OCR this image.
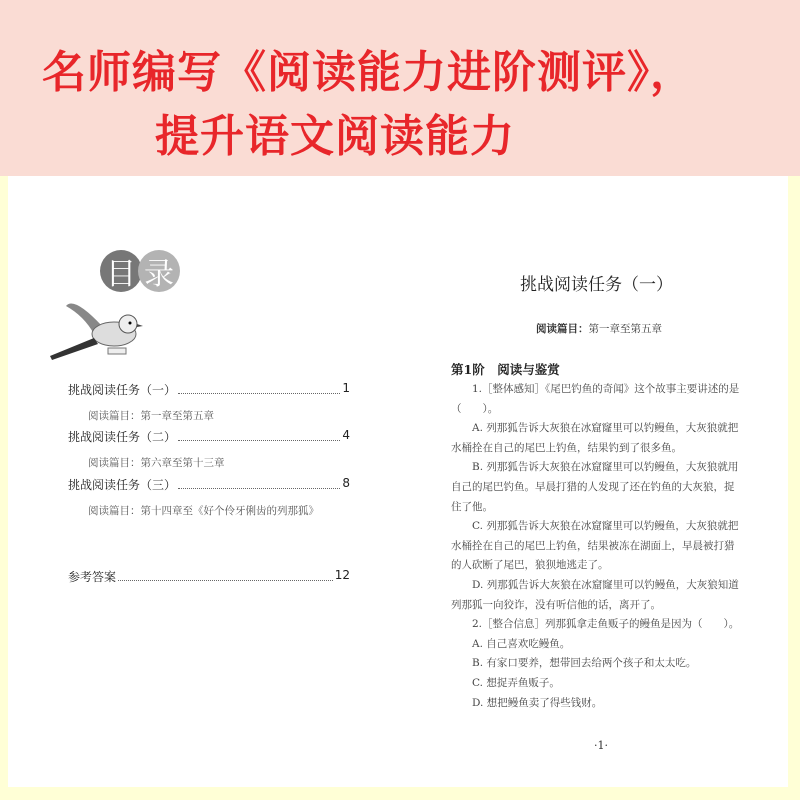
名师编写《阅读能力进阶测评》，
提升语文阅读能力
目 录
挑战阅读任务（一）	1
阅读篇目：第一章至第五章
挑战阅读任务（二）	4
阅读篇目：第六章至第十三章
挑战阅读任务（三）	8
阅读篇目：第十四章至《好个伶牙俐齿的列那狐》
参考答案	12
挑战阅读任务（一）
阅读篇目：第一章至第五章
第1阶　阅读与鉴赏
1.［整体感知］《尾巴钓鱼的奇闻》这个故事主要讲述的是
（　　）。
A. 列那狐告诉大灰狼在冰窟窿里可以钓鳗鱼，大灰狼就把
水桶拴在自己的尾巴上钓鱼，结果钓到了很多鱼。
B. 列那狐告诉大灰狼在冰窟窿里可以钓鳗鱼，大灰狼就用
自己的尾巴钓鱼。早晨打猎的人发现了还在钓鱼的大灰狼，捉
住了他。
C. 列那狐告诉大灰狼在冰窟窿里可以钓鳗鱼，大灰狼就把
水桶拴在自己的尾巴上钓鱼，结果被冻在湖面上，早晨被打猎
的人砍断了尾巴，狼狈地逃走了。
D. 列那狐告诉大灰狼在冰窟窿里可以钓鳗鱼，大灰狼知道
列那狐一向狡诈，没有听信他的话，离开了。
2.［整合信息］列那狐拿走鱼贩子的鳗鱼是因为（　　）。
A. 自己喜欢吃鳗鱼。
B. 有家口要养，想带回去给两个孩子和太太吃。
C. 想捉弄鱼贩子。
D. 想把鳗鱼卖了得些钱财。
·1·
